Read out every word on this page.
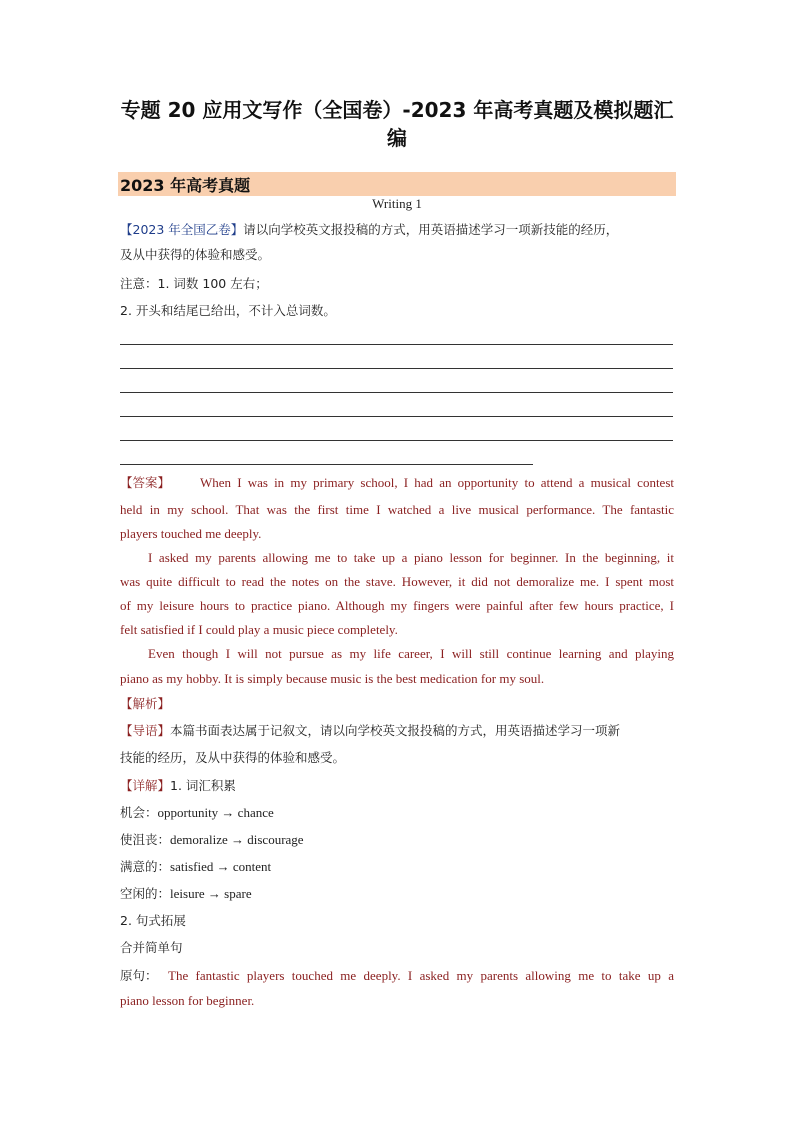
专题 20 应用文写作（全国卷）-2023 年高考真题及模拟题汇
编
2023 年高考真题
Writing 1
【2023 年全国乙卷】请以向学校英文报投稿的方式，用英语描述学习一项新技能的经历，
及从中获得的体验和感受。
注意：1. 词数 100 左右；
2. 开头和结尾已给出，不计入总词数。
【答案】 When I was in my primary school, I had an opportunity to attend a musical contest
held in my school. That was the first time I watched a live musical performance. The fantastic
players touched me deeply.
I asked my parents allowing me to take up a piano lesson for beginner. In the beginning, it
was quite difficult to read the notes on the stave. However, it did not demoralize me. I spent most
of my leisure hours to practice piano. Although my fingers were painful after few hours practice, I
felt satisfied if I could play a music piece completely.
Even though I will not pursue as my life career, I will still continue learning and playing
piano as my hobby. It is simply because music is the best medication for my soul.
【解析】
【导语】本篇书面表达属于记叙文，请以向学校英文报投稿的方式，用英语描述学习一项新
技能的经历，及从中获得的体验和感受。
【详解】1. 词汇积累
机会：opportunity → chance
使沮丧：demoralize → discourage
满意的：satisfied → content
空闲的：leisure → spare
2. 句式拓展
合并简单句
原句： The fantastic players touched me deeply. I asked my parents allowing me to take up a
piano lesson for beginner.
